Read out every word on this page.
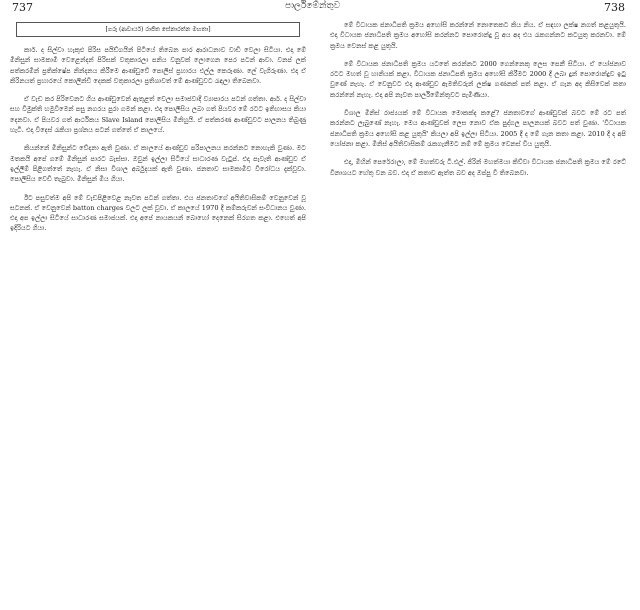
737	පාර්ලිමේන්තුව	738
[ගරු (ආචාර්ය) රාජිත සේනාරත්න මහතා]

කාර්. ද සිල්වා හැකුළු පිරිස පයිඩ්ගයින් පිටියේ තිබෙන පාර ආරාධනාව වාඩි වෙලා සිටියා. එදා මේ මිනිසුන් සාමකාමී වෙළෙන්දන් පිරිසක් වතුකාරලා පනිය වනුවක් ලොගෙන පෙර පටන් ආවා. වනප් ලක් පත්කරමින් ප්‍රතික්ෂේප නින්දනය කිරීමෙ ආණ්ඩුවේ පොලිස් ප්‍රහාරය එල්ල කෙරුණා. ලේ වැගිරුණා. එදා ඒ කිරිනයත් ප්‍රහාරයේ කොලින්ඩි දෙකක් වතුකාරලා ප්‍රතිශාවත් මේ ආණ්ඩුවට රැඳලා තිබෙනවා.

ඒ වැඩ කර පිරිවෙනට ගිය ආණ්ඩුවෙන් ඇතුළත් වෙලා සමාජවාදී ව්‍යාපාරය පටන් ගත්තා. ආර්. ද සිල්වා සහ විමුක්ති හමුවීමෙන් පසු නගරය පුරා ගමන් කළා. එදා පොලීසිය ලබා ගත් පියවර මේ රටට ඉතිහාසය කියා දෙනවා. ඒ පියවර ගත් ආර්ථිකය Slave Island පොලිසිය මිනිහුයි. ඒ පත්කරණ ආණ්ඩුවට පාලනය තිබුණු හැටි. එදා විදෙස් රැකියා ප්‍රශ්නය පටන් ගත්තේ ඒ කාලයේ.

කියන්නේ මිනිසුන්ට වේදනා ඇති වුණා. ඒ කාලයේ ආණ්ඩුව පරිපාලනය කරන්නට නොහැකි වුණා. මට මතකයි අපේ ගමේ මිනිසුන් පාරට බැස්සා. ඔවුන් ඉල්ලා සිටියේ සාධාරණ වැටුප්. එදා පැවැති ආණ්ඩුව ඒ ඉල්ලීම් පිළිගත්තේ නැහැ. ඒ නිසා විශාල අර්බුදයක් ඇති වුණා. ජනතාව සාමකාමීව විරෝධය දැක්වූවා. පොලිසිය වෙඩි තැබුවා. මිනිසුන් මිය ගියා.

ඊට පසුවත්ම අපි මේ වැඩපිළිවෙළ නැවත පටන් ගත්තා. එය ජනතාවගේ අයිතිවාසිකම් වෙනුවෙන් වූ සටනක්. ඒ වෙනුවෙන් batton charges වලට ලක් වූවා. ඒ කාලයේ 1970 දී කම්කරුවන් සංවිධානය වුණා. එදා අප ඉල්ලා සිටියේ සාධාරණ සමාජයක්. එදා අපේ නායකයන් බොහෝ දෙනෙක් සිරගත කළා. එහෙත් අපි ඉදිරියට ගියා.

මේ විධායක ජනාධිපති ක්‍රමය අහෝසි කරන්නේ නොතෙකට කිය නිය. ඒ සඳහා ලක්ෂ නගත් කළයුතුයි. එදා විධායක ජනාධිපති ක්‍රමය අහෝසි කරන්නට පොරොන්දු වූ අය අද එය රැකගන්නට කටයුතු කරනවා. මේ ක්‍රමය වෙනස් කළ යුතුයි.

මේ විධායක ජනාධිපති ක්‍රමය යටතේ කරන්නට 2000 ගෙන්නෙකු ලෙස පෙනී සිටියා. ඒ යෝජනාව රටට මහත් වූ හානියක් කළා. විධායක ජනාධිපති ක්‍රමය අහෝසි කිරීමට 2000 දී ලබා දුන් පොරොන්දුව ඉටු වුණේ නැහැ. ඒ වෙනුවට එදා ආණ්ඩුව ඇමතිවරුන් ලක්ෂ ගණනක් පත් කළා. ඒ ගැන අද කිසිවෙක් කතා කරන්නේ නැහැ. එදා අපි නැවත පාර්ලිමේන්තුවට පැමිණියා.

විශාල මිනිස් රාජ්‍යයක් මේ විධායක මොකක්ද කළේ? ජනතාවගේ ආණ්ඩුවක් බවට මේ රට පත් කරන්නට ලැබුණේ නැහැ. මෙය ආණ්ඩුවක් ලෙස නොව ඒක පුද්ගල පාලනයක් බවට පත් වුණා. 'විධායක ජනාධිපති ක්‍රමය අහෝසි කළ යුතුයි' කියලා අපි ඉල්ලා සිටියා. 2005 දී ද මේ ගැන කතා කළා. 2010 දී ද අපි යෝජනා කළා. මිනිස් අයිතිවාසිකම් රැකගැනීමට නම් මේ ක්‍රමය වෙනස් විය යුතුයි.

එදා, මිහින් පෙරේරාලා, මේ මහත්වරු ටී.එල්. ජිරින් මහත්මයා කිව්වා විධායක ජනාධිපති ක්‍රමය මේ රටේ විනාශයට හේතු වන බව. එදා ඒ කතාව ඇත්ත බව අද ඔප්පු වී තිබෙනවා.
